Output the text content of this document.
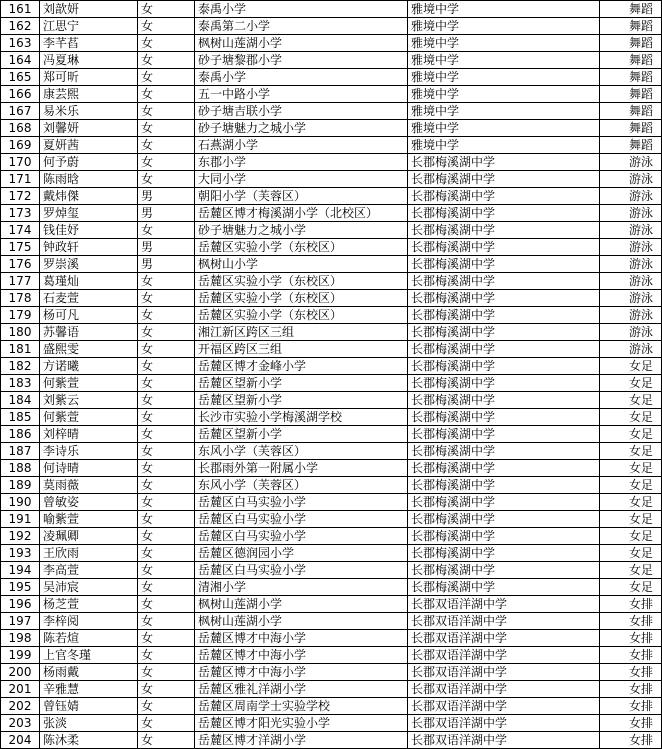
161	刘歆妍	女	泰禹小学	雅境中学	舞蹈
162	江思宁	女	泰禹第二小学	雅境中学	舞蹈
163	李芊萏	女	枫树山莲湖小学	雅境中学	舞蹈
164	冯夏琳	女	砂子塘黎郡小学	雅境中学	舞蹈
165	郑可昕	女	泰禹小学	雅境中学	舞蹈
166	康芸熙	女	五一中路小学	雅境中学	舞蹈
167	易米乐	女	砂子塘吉联小学	雅境中学	舞蹈
168	刘馨妍	女	砂子塘魅力之城小学	雅境中学	舞蹈
169	夏妍茜	女	石燕湖小学	雅境中学	舞蹈
170	何予蔚	女	东郡小学	长郡梅溪湖中学	游泳
171	陈雨晗	女	大同小学	长郡梅溪湖中学	游泳
172	戴炜傑	男	朝阳小学（芙蓉区）	长郡梅溪湖中学	游泳
173	罗焯玺	男	岳麓区博才梅溪湖小学（北校区）	长郡梅溪湖中学	游泳
174	钱佳妤	女	砂子塘魅力之城小学	长郡梅溪湖中学	游泳
175	钟政轩	男	岳麓区实验小学（东校区）	长郡梅溪湖中学	游泳
176	罗崇溪	男	枫树山小学	长郡梅溪湖中学	游泳
177	葛瑾灿	女	岳麓区实验小学（东校区）	长郡梅溪湖中学	游泳
178	石麦萱	女	岳麓区实验小学（东校区）	长郡梅溪湖中学	游泳
179	杨可凡	女	岳麓区实验小学（东校区）	长郡梅溪湖中学	游泳
180	苏馨语	女	湘江新区跨区三组	长郡梅溪湖中学	游泳
181	盛熙雯	女	开福区跨区三组	长郡梅溪湖中学	游泳
182	方诺曦	女	岳麓区博才金峰小学	长郡梅溪湖中学	女足
183	何紫萱	女	岳麓区望新小学	长郡梅溪湖中学	女足
184	刘紫云	女	岳麓区望新小学	长郡梅溪湖中学	女足
185	何紫萱	女	长沙市实验小学梅溪湖学校	长郡梅溪湖中学	女足
186	刘梓晴	女	岳麓区望新小学	长郡梅溪湖中学	女足
187	李诗乐	女	东风小学（芙蓉区）	长郡梅溪湖中学	女足
188	何诗晴	女	长郡雨外第一附属小学	长郡梅溪湖中学	女足
189	莫雨薇	女	东风小学（芙蓉区）	长郡梅溪湖中学	女足
190	曾敏姿	女	岳麓区白马实验小学	长郡梅溪湖中学	女足
191	喻紫萱	女	岳麓区白马实验小学	长郡梅溪湖中学	女足
192	凌珮卿	女	岳麓区白马实验小学	长郡梅溪湖中学	女足
193	王欣雨	女	岳麓区德润园小学	长郡梅溪湖中学	女足
194	李高萱	女	岳麓区白马实验小学	长郡梅溪湖中学	女足
195	吴沛宸	女	清湘小学	长郡梅溪湖中学	女足
196	杨芝萱	女	枫树山莲湖小学	长郡双语洋湖中学	女排
197	李梓阅	女	枫树山莲湖小学	长郡双语洋湖中学	女排
198	陈若煊	女	岳麓区博才中海小学	长郡双语洋湖中学	女排
199	上官冬瑾	女	岳麓区博才中海小学	长郡双语洋湖中学	女排
200	杨雨戴	女	岳麓区博才中海小学	长郡双语洋湖中学	女排
201	辛雅慧	女	岳麓区雅礼洋湖小学	长郡双语洋湖中学	女排
202	曾钰婧	女	岳麓区周南学士实验学校	长郡双语洋湖中学	女排
203	张淡	女	岳麓区博才阳光实验小学	长郡双语洋湖中学	女排
204	陈沐柔	女	岳麓区博才洋湖小学	长郡双语洋湖中学	女排
